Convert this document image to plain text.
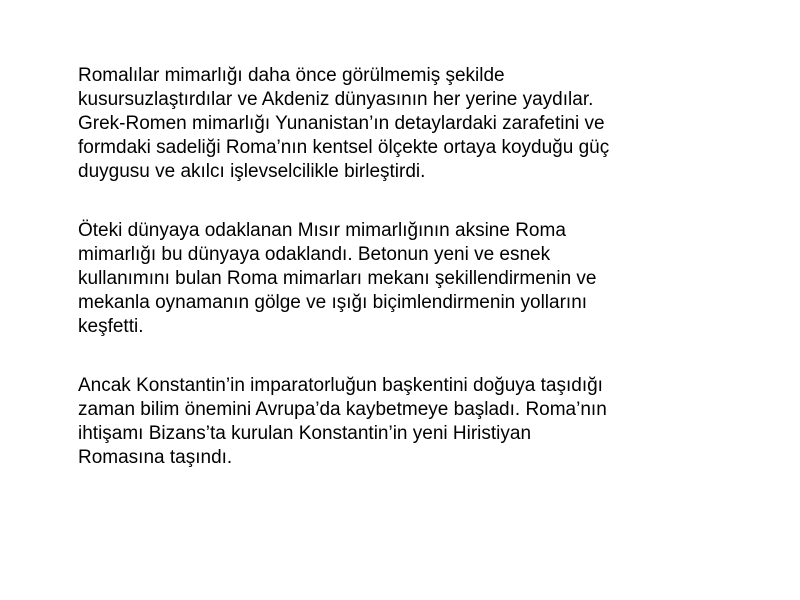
Romalılar mimarlığı daha önce görülmemiş şekilde
kusursuzlaştırdılar ve Akdeniz dünyasının her yerine yaydılar.
Grek-Romen mimarlığı Yunanistan’ın detaylardaki zarafetini ve
formdaki sadeliği Roma’nın kentsel ölçekte ortaya koyduğu güç
duygusu ve akılcı işlevselcilikle birleştirdi.

Öteki dünyaya odaklanan Mısır mimarlığının aksine Roma
mimarlığı bu dünyaya odaklandı. Betonun yeni ve esnek
kullanımını bulan Roma mimarları mekanı şekillendirmenin ve
mekanla oynamanın gölge ve ışığı biçimlendirmenin yollarını
keşfetti.

Ancak Konstantin’in imparatorluğun başkentini doğuya taşıdığı
zaman bilim önemini Avrupa’da kaybetmeye başladı. Roma’nın
ihtişamı Bizans’ta kurulan Konstantin’in yeni Hiristiyan
Romasına taşındı.
